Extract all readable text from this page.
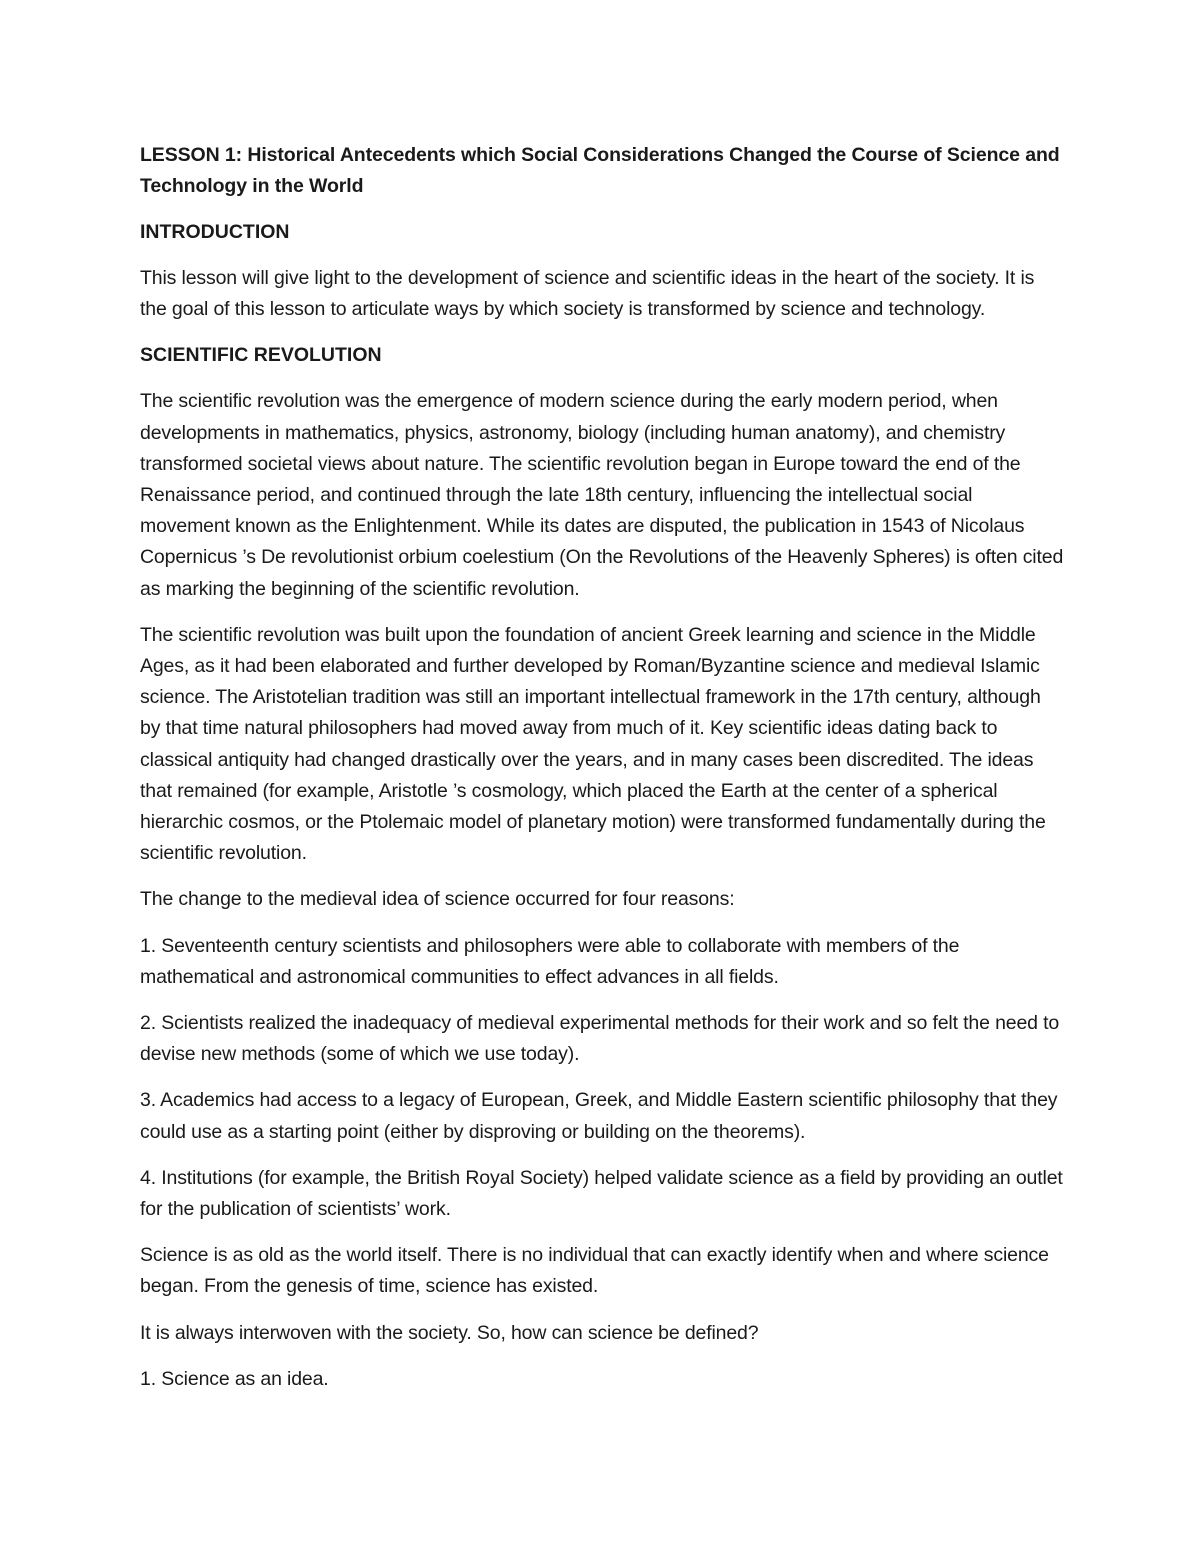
LESSON 1: Historical Antecedents which Social Considerations Changed the Course of Science and Technology in the World
INTRODUCTION

This lesson will give light to the development of science and scientific ideas in the heart of the society. It is the goal of this lesson to articulate ways by which society is transformed by science and technology.

SCIENTIFIC REVOLUTION

The scientific revolution was the emergence of modern science during the early modern period, when developments in mathematics, physics, astronomy, biology (including human anatomy), and chemistry transformed societal views about nature. The scientific revolution began in Europe toward the end of the Renaissance period, and continued through the late 18th century, influencing the intellectual social movement known as the Enlightenment. While its dates are disputed, the publication in 1543 of Nicolaus Copernicus ’s De revolutionist orbium coelestium (On the Revolutions of the Heavenly Spheres) is often cited as marking the beginning of the scientific revolution.

The scientific revolution was built upon the foundation of ancient Greek learning and science in the Middle Ages, as it had been elaborated and further developed by Roman/Byzantine science and medieval Islamic science. The Aristotelian tradition was still an important intellectual framework in the 17th century, although by that time natural philosophers had moved away from much of it. Key scientific ideas dating back to classical antiquity had changed drastically over the years, and in many cases been discredited. The ideas that remained (for example, Aristotle ’s cosmology, which placed the Earth at the center of a spherical hierarchic cosmos, or the Ptolemaic model of planetary motion) were transformed fundamentally during the scientific revolution.

The change to the medieval idea of science occurred for four reasons:

1. Seventeenth century scientists and philosophers were able to collaborate with members of the mathematical and astronomical communities to effect advances in all fields.

2. Scientists realized the inadequacy of medieval experimental methods for their work and so felt the need to devise new methods (some of which we use today).

3. Academics had access to a legacy of European, Greek, and Middle Eastern scientific philosophy that they could use as a starting point (either by disproving or building on the theorems).

4. Institutions (for example, the British Royal Society) helped validate science as a field by providing an outlet for the publication of scientists’ work.

Science is as old as the world itself. There is no individual that can exactly identify when and where science began. From the genesis of time, science has existed.

It is always interwoven with the society. So, how can science be defined?

1. Science as an idea.
